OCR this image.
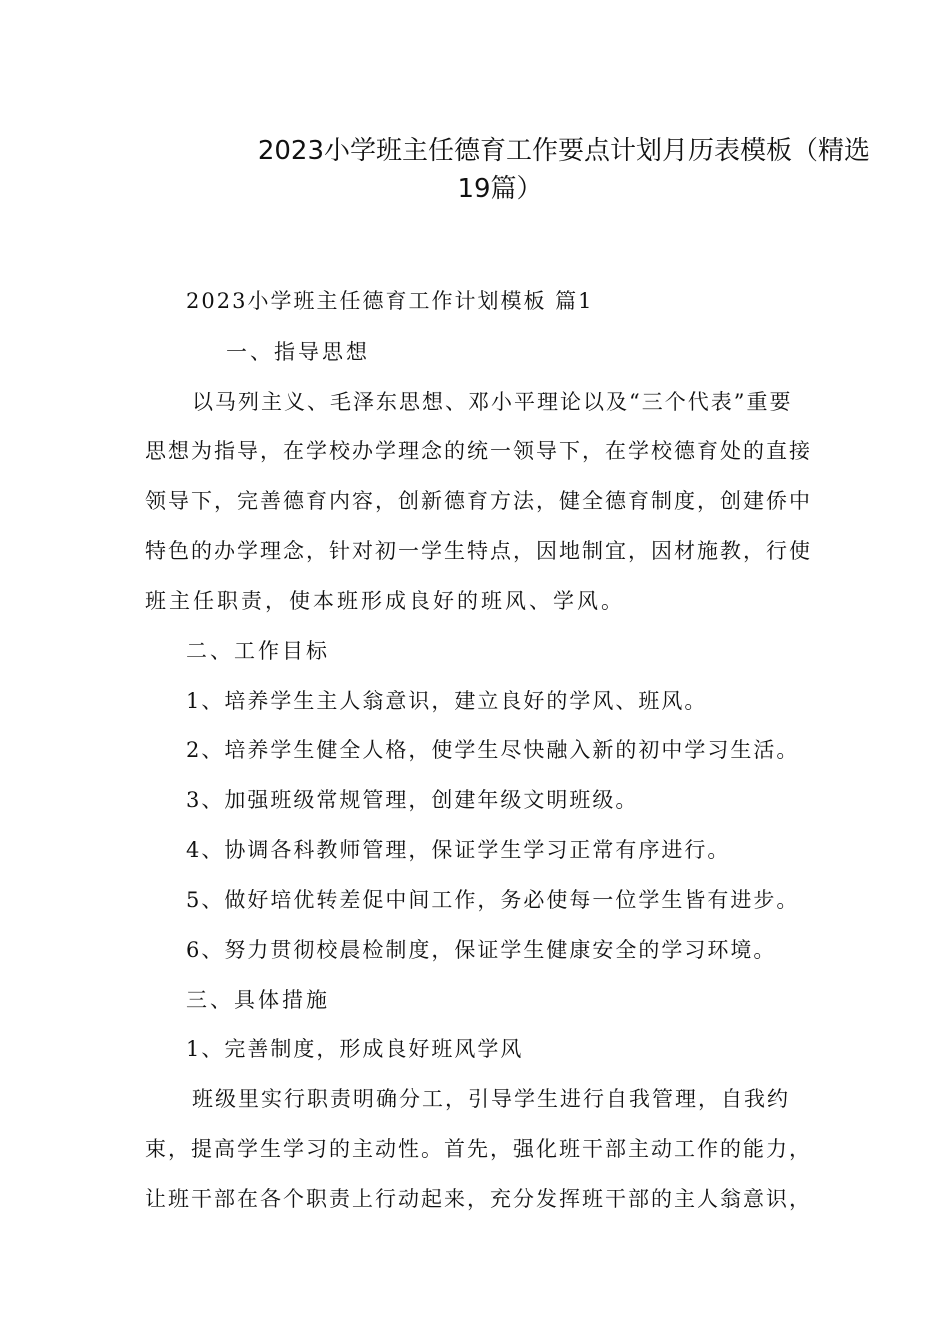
2023小学班主任德育工作要点计划月历表模板（精选
19篇）
2023小学班主任德育工作计划模板 篇1
一、指导思想
以马列主义、毛泽东思想、邓小平理论以及“三个代表”重要
思想为指导，在学校办学理念的统一领导下，在学校德育处的直接
领导下，完善德育内容，创新德育方法，健全德育制度，创建侨中
特色的办学理念，针对初一学生特点，因地制宜，因材施教，行使
班主任职责，使本班形成良好的班风、学风。
二、工作目标
1、培养学生主人翁意识，建立良好的学风、班风。
2、培养学生健全人格，使学生尽快融入新的初中学习生活。
3、加强班级常规管理，创建年级文明班级。
4、协调各科教师管理，保证学生学习正常有序进行。
5、做好培优转差促中间工作，务必使每一位学生皆有进步。
6、努力贯彻校晨检制度，保证学生健康安全的学习环境。
三、具体措施
1、完善制度，形成良好班风学风
班级里实行职责明确分工，引导学生进行自我管理，自我约
束，提高学生学习的主动性。首先，强化班干部主动工作的能力，
让班干部在各个职责上行动起来，充分发挥班干部的主人翁意识，
